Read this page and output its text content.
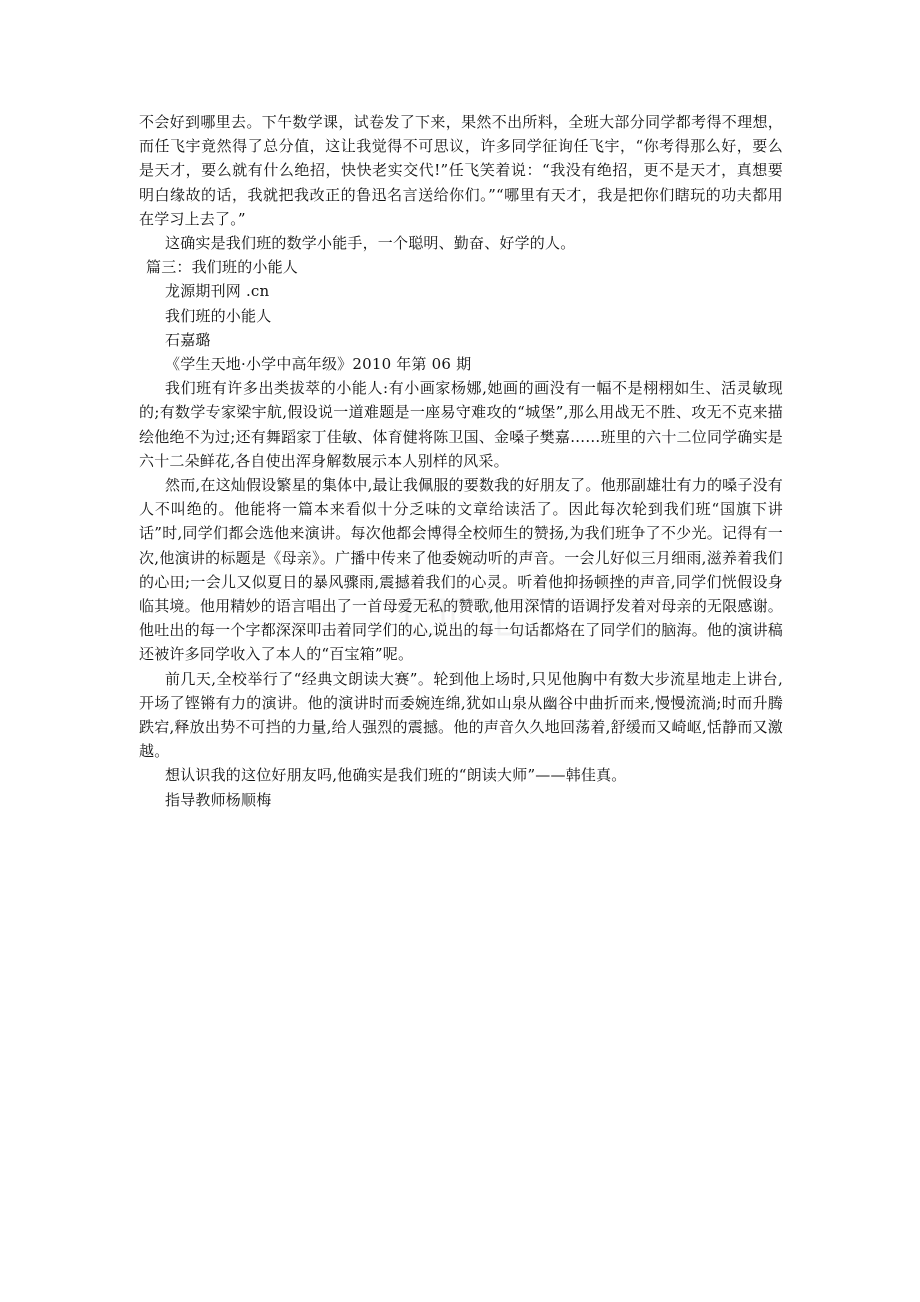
不会好到哪里去。下午数学课，试卷发了下来，果然不出所料，全班大部分同学都考得不理想，而任飞宇竟然得了总分值，这让我觉得不可思议，许多同学征询任飞宇，“你考得那么好，要么是天才，要么就有什么绝招，快快老实交代!”任飞笑着说：“我没有绝招，更不是天才，真想要明白缘故的话，我就把我改正的鲁迅名言送给你们。”“哪里有天才，我是把你们瞎玩的功夫都用在学习上去了。”

这确实是我们班的数学小能手，一个聪明、勤奋、好学的人。

篇三：我们班的小能人

龙源期刊网 .cn

我们班的小能人

石嘉璐

《学生天地·小学中高年级》2010 年第 06 期

我们班有许多出类拔萃的小能人:有小画家杨娜,她画的画没有一幅不是栩栩如生、活灵敏现的;有数学专家梁宇航,假设说一道难题是一座易守难攻的“城堡”,那么用战无不胜、攻无不克来描绘他绝不为过;还有舞蹈家丁佳敏、体育健将陈卫国、金嗓子樊嘉……班里的六十二位同学确实是六十二朵鲜花,各自使出浑身解数展示本人别样的风采。

然而,在这灿假设繁星的集体中,最让我佩服的要数我的好朋友了。他那副雄壮有力的嗓子没有人不叫绝的。他能将一篇本来看似十分乏味的文章给读活了。因此每次轮到我们班“国旗下讲话”时,同学们都会选他来演讲。每次他都会博得全校师生的赞扬,为我们班争了不少光。记得有一次,他演讲的标题是《母亲》。广播中传来了他委婉动听的声音。一会儿好似三月细雨,滋养着我们的心田;一会儿又似夏日的暴风骤雨,震撼着我们的心灵。听着他抑扬顿挫的声音,同学们恍假设身临其境。他用精妙的语言唱出了一首母爱无私的赞歌,他用深情的语调抒发着对母亲的无限感谢。他吐出的每一个字都深深叩击着同学们的心,说出的每一句话都烙在了同学们的脑海。他的演讲稿还被许多同学收入了本人的“百宝箱”呢。

前几天,全校举行了“经典文朗读大赛”。轮到他上场时,只见他胸中有数大步流星地走上讲台,开场了铿锵有力的演讲。他的演讲时而委婉连绵,犹如山泉从幽谷中曲折而来,慢慢流淌;时而升腾跌宕,释放出势不可挡的力量,给人强烈的震撼。他的声音久久地回荡着,舒缓而又崎岖,恬静而又激越。

想认识我的这位好朋友吗,他确实是我们班的“朗读大师”——韩佳真。

指导教师杨顺梅
